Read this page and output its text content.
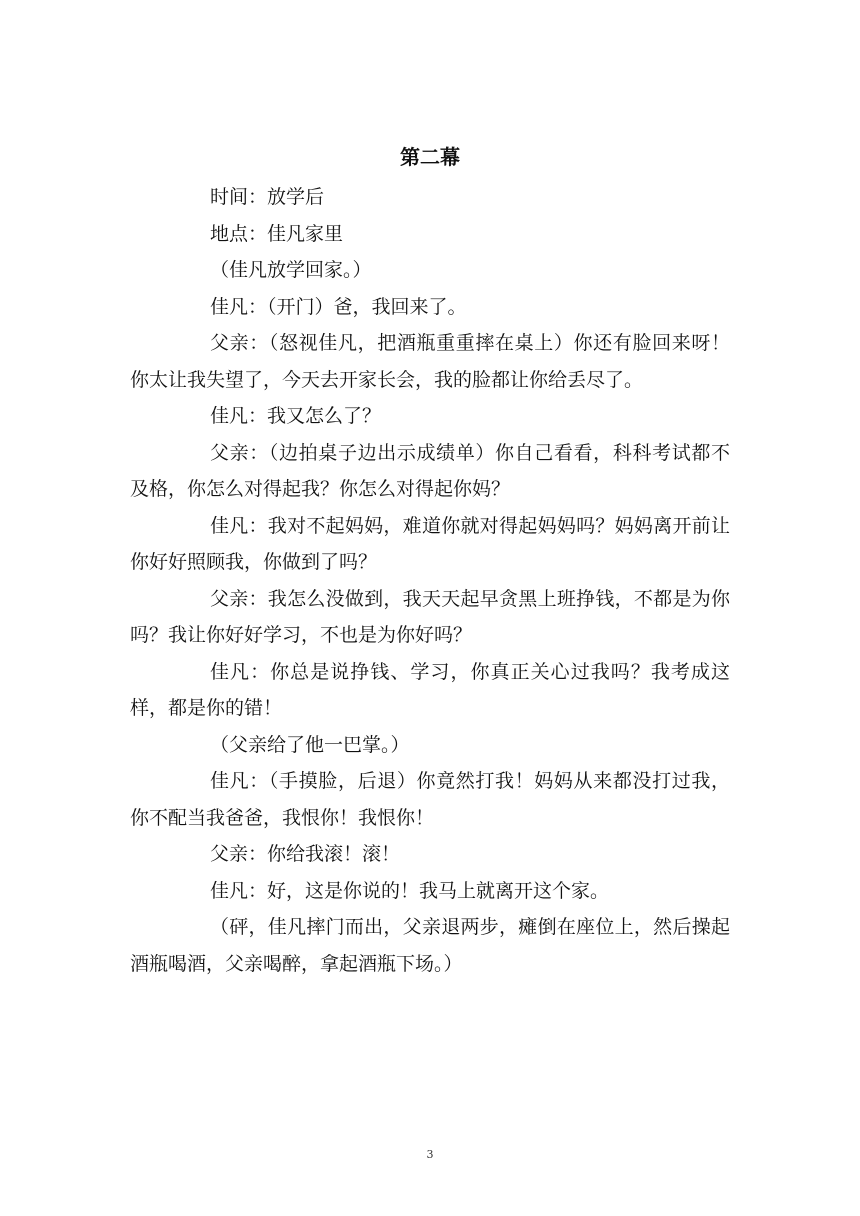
第二幕

时间：放学后

地点：佳凡家里

（佳凡放学回家。）

佳凡：（开门）爸，我回来了。

父亲：（怒视佳凡，把酒瓶重重摔在桌上）你还有脸回来呀！你太让我失望了，今天去开家长会，我的脸都让你给丢尽了。

佳凡：我又怎么了？

父亲：（边拍桌子边出示成绩单）你自己看看，科科考试都不及格，你怎么对得起我？你怎么对得起你妈？

佳凡：我对不起妈妈，难道你就对得起妈妈吗？妈妈离开前让你好好照顾我，你做到了吗？

父亲：我怎么没做到，我天天起早贪黑上班挣钱，不都是为你吗？我让你好好学习，不也是为你好吗？

佳凡：你总是说挣钱、学习，你真正关心过我吗？我考成这样，都是你的错！

（父亲给了他一巴掌。）

佳凡：（手摸脸，后退）你竟然打我！妈妈从来都没打过我，你不配当我爸爸，我恨你！我恨你！

父亲：你给我滚！滚！

佳凡：好，这是你说的！我马上就离开这个家。

（砰，佳凡摔门而出，父亲退两步，瘫倒在座位上，然后操起酒瓶喝酒，父亲喝醉，拿起酒瓶下场。）

3
